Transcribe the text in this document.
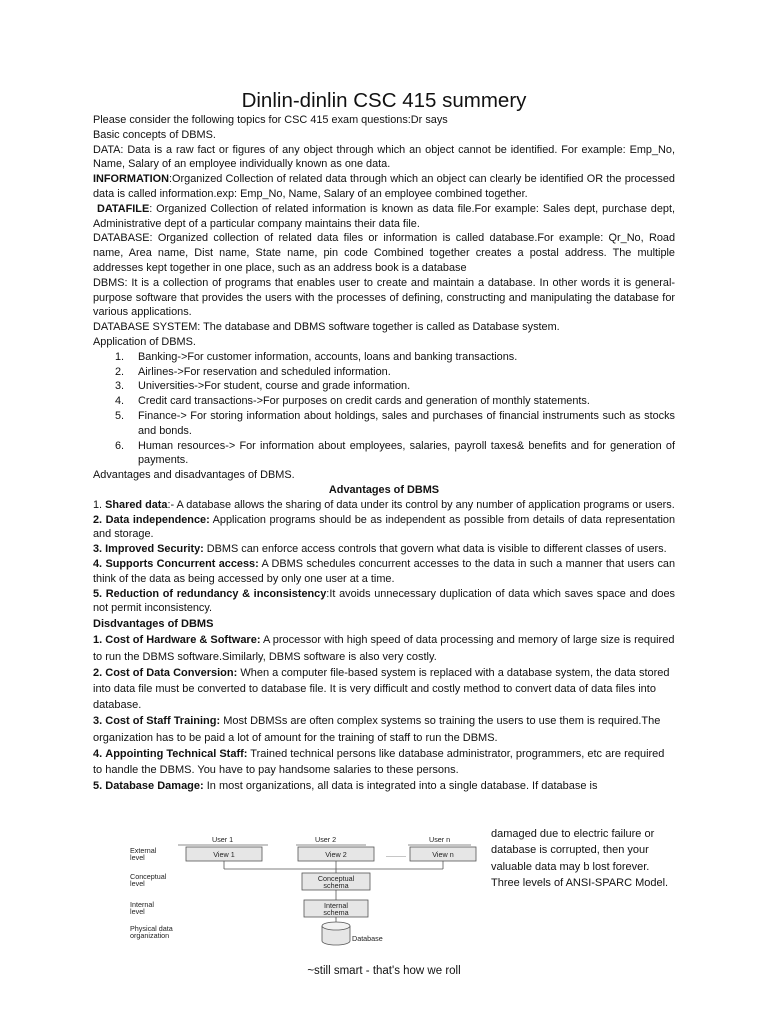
Dinlin-dinlin CSC 415 summery

Please consider the following topics for CSC 415 exam questions:Dr says

Basic concepts of DBMS.

DATA: Data is a raw fact or figures of any object through which an object cannot be identified. For example: Emp_No, Name, Salary of an employee individually known as one data.

INFORMATION:Organized Collection of related data through which an object can clearly be identified OR the processed data is called information.exp: Emp_No, Name, Salary of an employee combined together.

DATAFILE: Organized Collection of related information is known as data file.For example: Sales dept, purchase dept, Administrative dept of a particular company maintains their data file.

DATABASE: Organized collection of related data files or information is called database.For example: Qr_No, Road name, Area name, Dist name, State name, pin code Combined together creates a postal address. The multiple addresses kept together in one place, such as an address book is a database

DBMS: It is a collection of programs that enables user to create and maintain a database. In other words it is general-purpose software that provides the users with the processes of defining, constructing and manipulating the database for various applications.

DATABASE SYSTEM: The database and DBMS software together is called as Database system.

Application of DBMS.

1. Banking->For customer information, accounts, loans and banking transactions.
2. Airlines->For reservation and scheduled information.
3. Universities->For student, course and grade information.
4. Credit card transactions->For purposes on credit cards and generation of monthly statements.
5. Finance-> For storing information about holdings, sales and purchases of financial instruments such as stocks and bonds.
6. Human resources-> For information about employees, salaries, payroll taxes& benefits and for generation of payments.

Advantages and disadvantages of DBMS.

Advantages of DBMS

1. Shared data:- A database allows the sharing of data under its control by any number of application programs or users.

2. Data independence: Application programs should be as independent as possible from details of data representation and storage.

3. Improved Security: DBMS can enforce access controls that govern what data is visible to different classes of users.

4. Supports Concurrent access: A DBMS schedules concurrent accesses to the data in such a manner that users can think of the data as being accessed by only one user at a time.

5. Reduction of redundancy & inconsistency:It avoids unnecessary duplication of data which saves space and does not permit inconsistency.

Disdvantages of DBMS

1. Cost of Hardware & Software: A processor with high speed of data processing and memory of large size is required to run the DBMS software.Similarly, DBMS software is also very costly.

2. Cost of Data Conversion: When a computer file-based system is replaced with a database system, the data stored into data file must be converted to database file. It is very difficult and costly method to convert data of data files into database.

3. Cost of Staff Training: Most DBMSs are often complex systems so training the users to use them is required.The organization has to be paid a lot of amount for the training of staff to run the DBMS.

4. Appointing Technical Staff: Trained technical persons like database administrator, programmers, etc are required to handle the DBMS. You have to pay handsome salaries to these persons.

5. Database Damage: In most organizations, all data is integrated into a single database. If database is

damaged due to electric failure or

database is corrupted, then your

valuable data may b lost forever.

Three levels of ANSI-SPARC Model.

External
level
Conceptual
level
Internal
level
Physical data
organization
User 1	User 2	User n
View 1	View 2	..........	View n
Conceptual
schema
Internal
schema
Database
~still smart - that's how we roll
